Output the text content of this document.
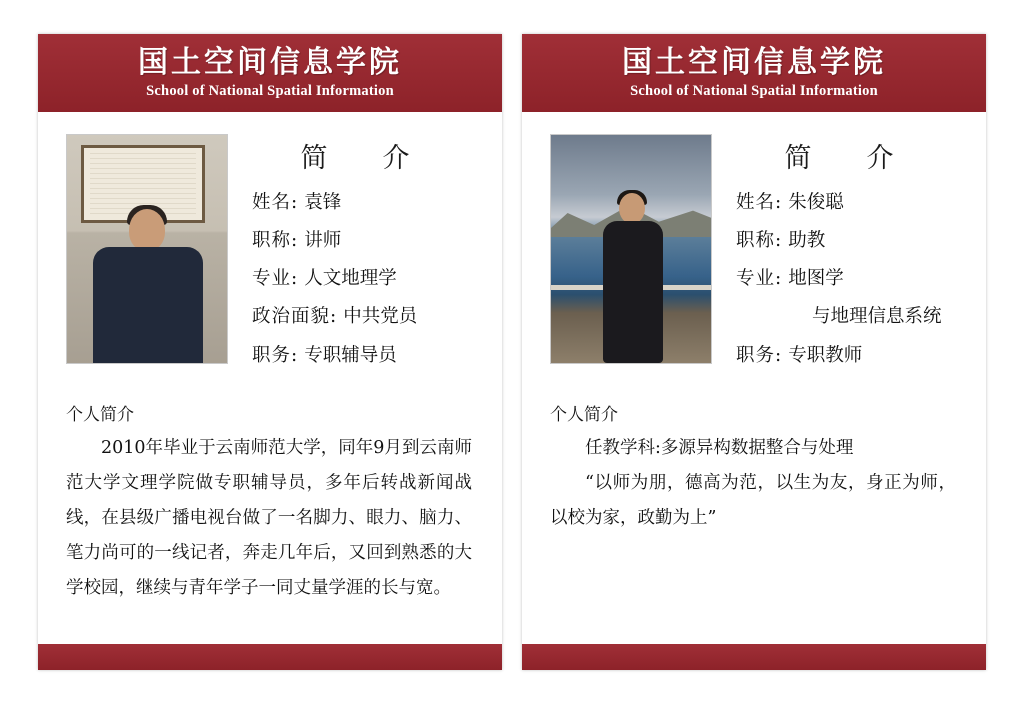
国土空间信息学院
School of National Spatial Information
简　介
姓名: 袁锋
职称: 讲师
专业: 人文地理学
政治面貌: 中共党员
职务: 专职辅导员
个人简介

2010年毕业于云南师范大学，同年9月到云南师范大学文理学院做专职辅导员，多年后转战新闻战线，在县级广播电视台做了一名脚力、眼力、脑力、笔力尚可的一线记者，奔走几年后，又回到熟悉的大学校园，继续与青年学子一同丈量学涯的长与宽。

国土空间信息学院
School of National Spatial Information
简　介
姓名: 朱俊聪
职称: 助教
专业: 地图学
与地理信息系统
职务: 专职教师
个人简介

任教学科:多源异构数据整合与处理

“以师为朋，德高为范，以生为友，身正为师，以校为家，政勤为上”
